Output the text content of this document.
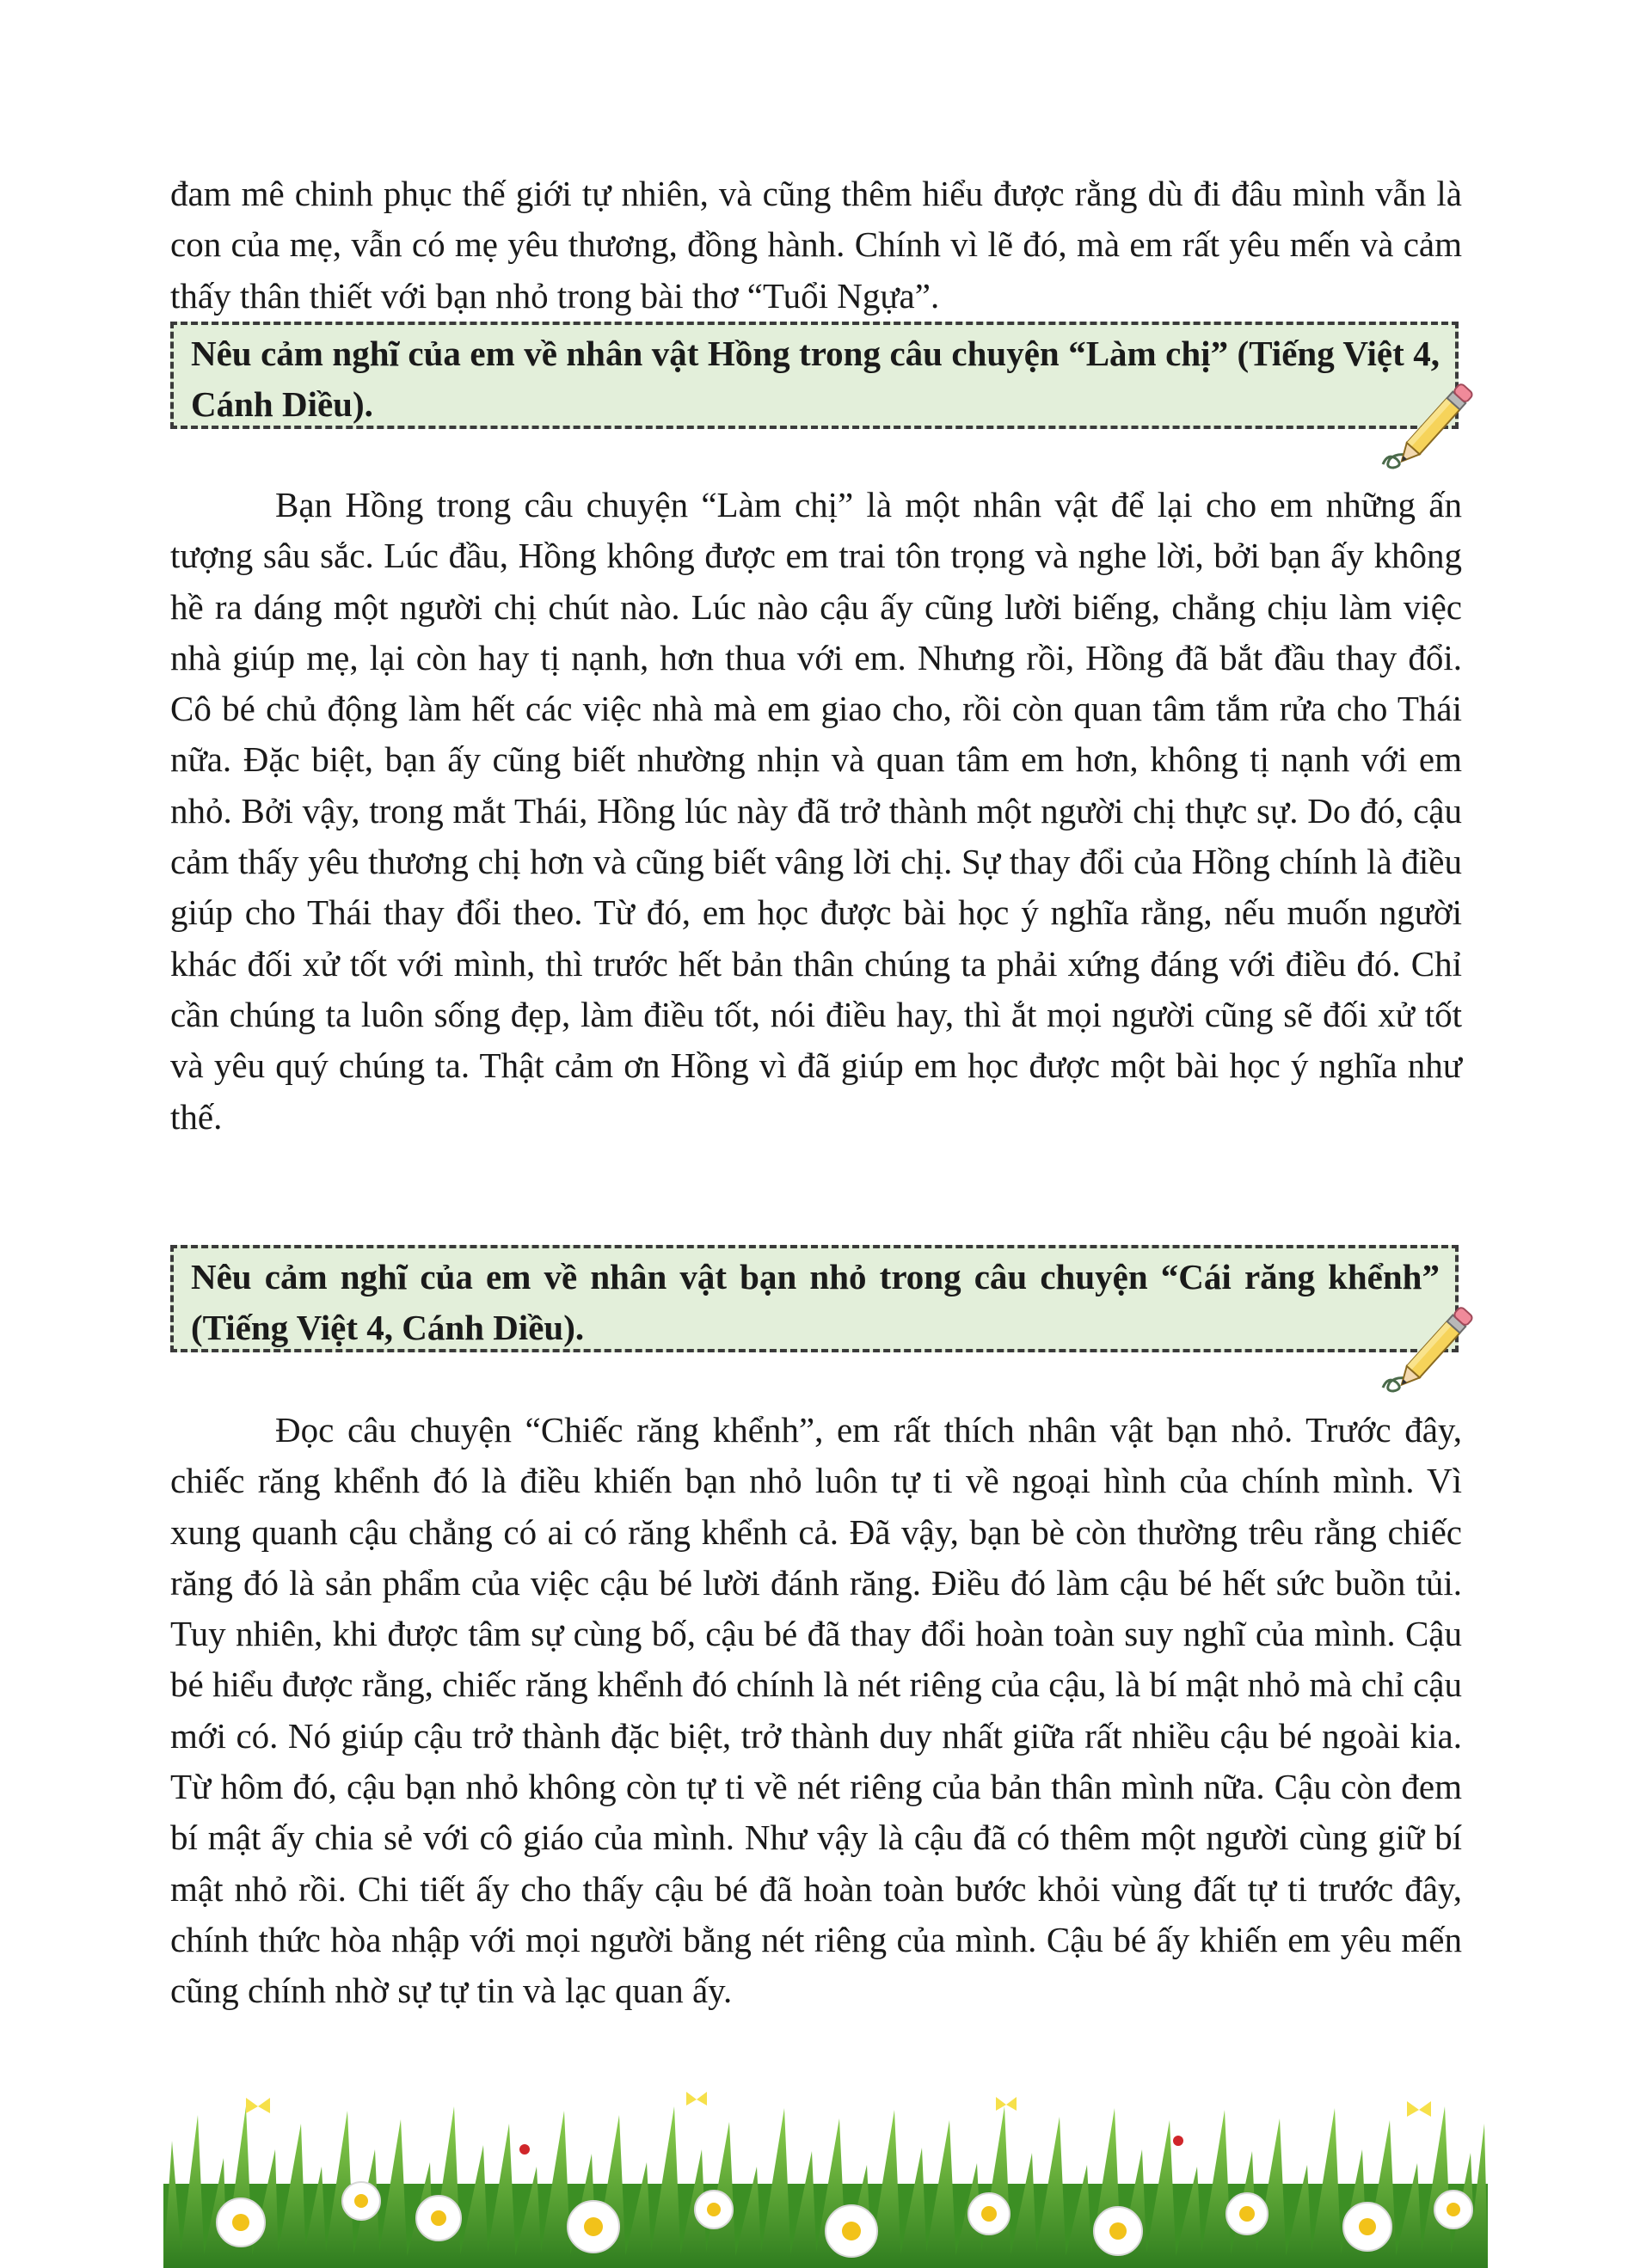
đam mê chinh phục thế giới tự nhiên, và cũng thêm hiểu được rằng dù đi đâu mình vẫn là con của mẹ, vẫn có mẹ yêu thương, đồng hành. Chính vì lẽ đó, mà em rất yêu mến và cảm thấy thân thiết với bạn nhỏ trong bài thơ “Tuổi Ngựa”.

Nêu cảm nghĩ của em về nhân vật Hồng trong câu chuyện “Làm chị” (Tiếng Việt 4, Cánh Diều).

Bạn Hồng trong câu chuyện “Làm chị” là một nhân vật để lại cho em những ấn tượng sâu sắc. Lúc đầu, Hồng không được em trai tôn trọng và nghe lời, bởi bạn ấy không hề ra dáng một người chị chút nào. Lúc nào cậu ấy cũng lười biếng, chẳng chịu làm việc nhà giúp mẹ, lại còn hay tị nạnh, hơn thua với em. Nhưng rồi, Hồng đã bắt đầu thay đổi. Cô bé chủ động làm hết các việc nhà mà em giao cho, rồi còn quan tâm tắm rửa cho Thái nữa. Đặc biệt, bạn ấy cũng biết nhường nhịn và quan tâm em hơn, không tị nạnh với em nhỏ. Bởi vậy, trong mắt Thái, Hồng lúc này đã trở thành một người chị thực sự. Do đó, cậu cảm thấy yêu thương chị hơn và cũng biết vâng lời chị. Sự thay đổi của Hồng chính là điều giúp cho Thái thay đổi theo. Từ đó, em học được bài học ý nghĩa rằng, nếu muốn người khác đối xử tốt với mình, thì trước hết bản thân chúng ta phải xứng đáng với điều đó. Chỉ cần chúng ta luôn sống đẹp, làm điều tốt, nói điều hay, thì ắt mọi người cũng sẽ đối xử tốt và yêu quý chúng ta. Thật cảm ơn Hồng vì đã giúp em học được một bài học ý nghĩa như thế.

Nêu cảm nghĩ của em về nhân vật bạn nhỏ trong câu chuyện “Cái răng khểnh” (Tiếng Việt 4, Cánh Diều).

Đọc câu chuyện “Chiếc răng khểnh”, em rất thích nhân vật bạn nhỏ. Trước đây, chiếc răng khểnh đó là điều khiến bạn nhỏ luôn tự ti về ngoại hình của chính mình. Vì xung quanh cậu chẳng có ai có răng khểnh cả. Đã vậy, bạn bè còn thường trêu rằng chiếc răng đó là sản phẩm của việc cậu bé lười đánh răng. Điều đó làm cậu bé hết sức buồn tủi. Tuy nhiên, khi được tâm sự cùng bố, cậu bé đã thay đổi hoàn toàn suy nghĩ của mình. Cậu bé hiểu được rằng, chiếc răng khểnh đó chính là nét riêng của cậu, là bí mật nhỏ mà chỉ cậu mới có. Nó giúp cậu trở thành đặc biệt, trở thành duy nhất giữa rất nhiều cậu bé ngoài kia. Từ hôm đó, cậu bạn nhỏ không còn tự ti về nét riêng của bản thân mình nữa. Cậu còn đem bí mật ấy chia sẻ với cô giáo của mình. Như vậy là cậu đã có thêm một người cùng giữ bí mật nhỏ rồi. Chi tiết ấy cho thấy cậu bé đã hoàn toàn bước khỏi vùng đất tự ti trước đây, chính thức hòa nhập với mọi người bằng nét riêng của mình. Cậu bé ấy khiến em yêu mến cũng chính nhờ sự tự tin và lạc quan ấy.
